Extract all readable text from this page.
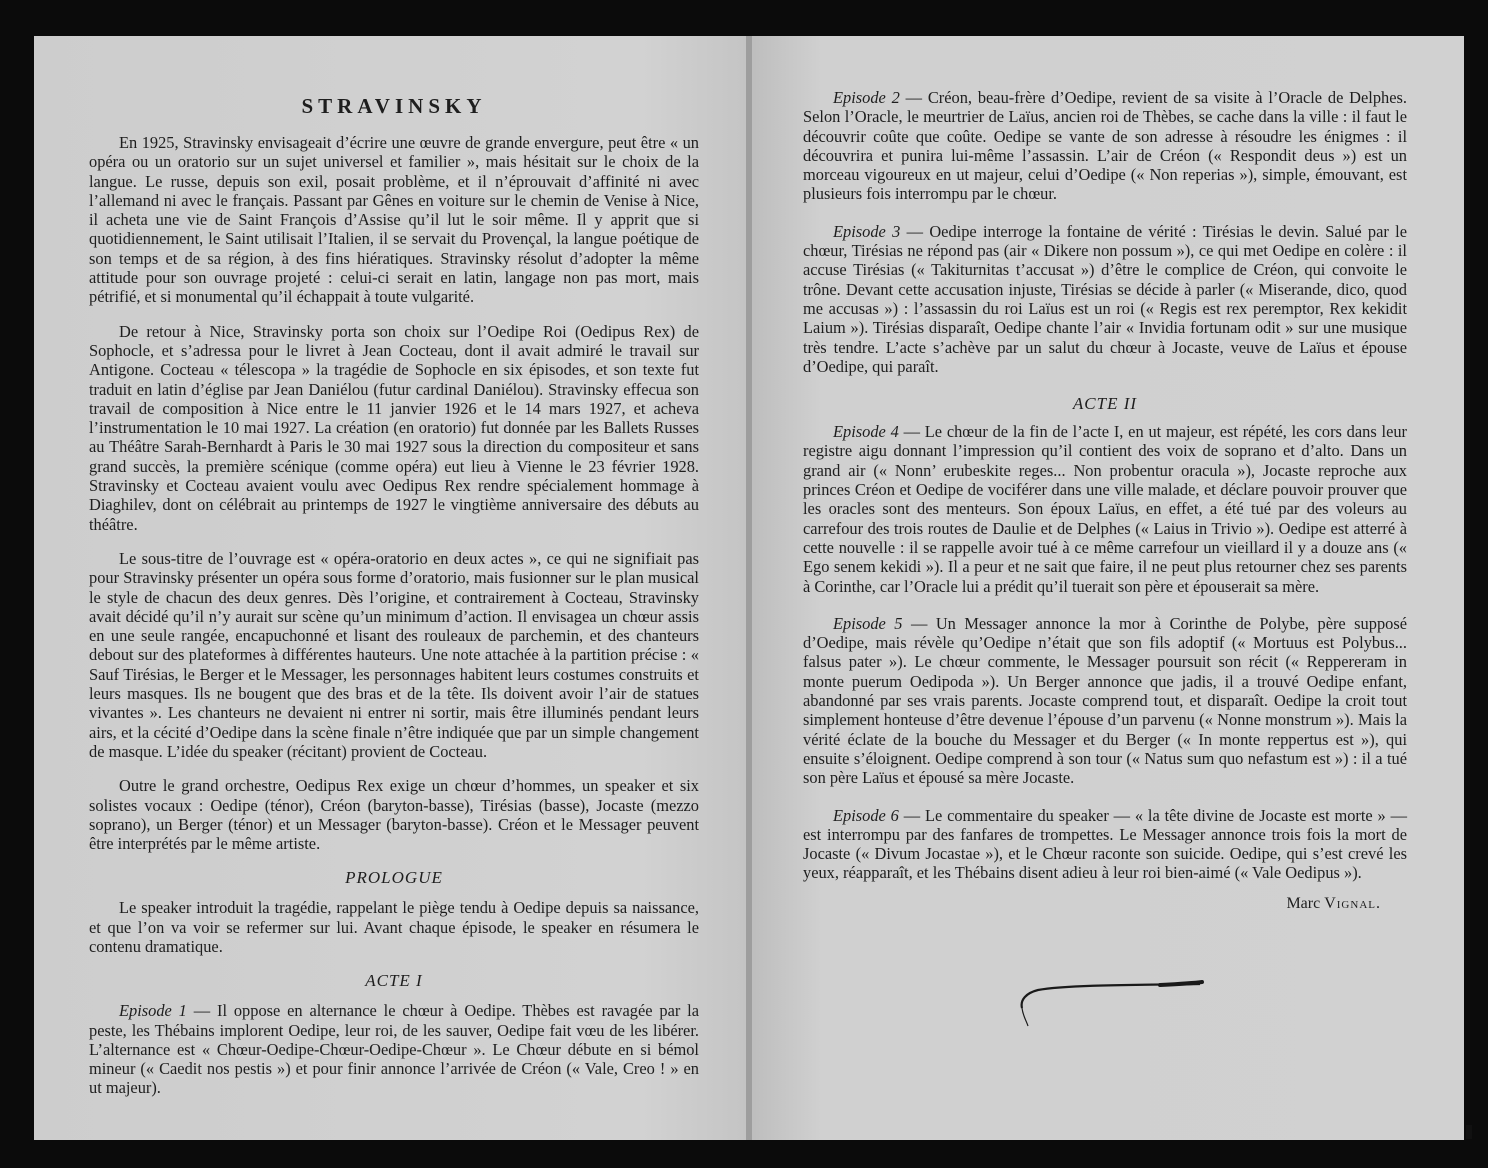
STRAVINSKY

En 1925, Stravinsky envisageait d’écrire une œuvre de grande envergure, peut être « un opéra ou un oratorio sur un sujet universel et familier », mais hésitait sur le choix de la langue. Le russe, depuis son exil, posait problème, et il n’éprouvait d’affinité ni avec l’allemand ni avec le français. Passant par Gênes en voiture sur le chemin de Venise à Nice, il acheta une vie de Saint François d’Assise qu’il lut le soir même. Il y apprit que si quotidiennement, le Saint utilisait l’Italien, il se servait du Provençal, la langue poétique de son temps et de sa région, à des fins hiératiques. Stravinsky résolut d’adopter la même attitude pour son ouvrage projeté : celui-ci serait en latin, langage non pas mort, mais pétrifié, et si monumental qu’il échappait à toute vulgarité.

De retour à Nice, Stravinsky porta son choix sur l’Oedipe Roi (Oedipus Rex) de Sophocle, et s’adressa pour le livret à Jean Cocteau, dont il avait admiré le travail sur Antigone. Cocteau « télescopa » la tragédie de Sophocle en six épisodes, et son texte fut traduit en latin d’église par Jean Daniélou (futur cardinal Daniélou). Stravinsky effecua son travail de composition à Nice entre le 11 janvier 1926 et le 14 mars 1927, et acheva l’instrumentation le 10 mai 1927. La création (en oratorio) fut donnée par les Ballets Russes au Théâtre Sarah-Bernhardt à Paris le 30 mai 1927 sous la direction du compositeur et sans grand succès, la première scénique (comme opéra) eut lieu à Vienne le 23 février 1928. Stravinsky et Cocteau avaient voulu avec Oedipus Rex rendre spécialement hommage à Diaghilev, dont on célébrait au printemps de 1927 le vingtième anniversaire des débuts au théâtre.

Le sous-titre de l’ouvrage est « opéra-oratorio en deux actes », ce qui ne signifiait pas pour Stravinsky présenter un opéra sous forme d’oratorio, mais fusionner sur le plan musical le style de chacun des deux genres. Dès l’origine, et contrairement à Cocteau, Stravinsky avait décidé qu’il n’y aurait sur scène qu’un minimum d’action. Il envisagea un chœur assis en une seule rangée, encapuchonné et lisant des rouleaux de parchemin, et des chanteurs debout sur des plateformes à différentes hauteurs. Une note attachée à la partition précise : « Sauf Tirésias, le Berger et le Messager, les personnages habitent leurs costumes construits et leurs masques. Ils ne bougent que des bras et de la tête. Ils doivent avoir l’air de statues vivantes ». Les chanteurs ne devaient ni entrer ni sortir, mais être illuminés pendant leurs airs, et la cécité d’Oedipe dans la scène finale n’être indiquée que par un simple changement de masque. L’idée du speaker (récitant) provient de Cocteau.

Outre le grand orchestre, Oedipus Rex exige un chœur d’hommes, un speaker et six solistes vocaux : Oedipe (ténor), Créon (baryton-basse), Tirésias (basse), Jocaste (mezzo soprano), un Berger (ténor) et un Messager (baryton-basse). Créon et le Messager peuvent être interprétés par le même artiste.

PROLOGUE

Le speaker introduit la tragédie, rappelant le piège tendu à Oedipe depuis sa naissance, et que l’on va voir se refermer sur lui. Avant chaque épisode, le speaker en résumera le contenu dramatique.

ACTE I

Episode 1 — Il oppose en alternance le chœur à Oedipe. Thèbes est ravagée par la peste, les Thébains implorent Oedipe, leur roi, de les sauver, Oedipe fait vœu de les libérer. L’alternance est « Chœur-Oedipe-Chœur-Oedipe-Chœur ». Le Chœur débute en si bémol mineur (« Caedit nos pestis ») et pour finir annonce l’arrivée de Créon (« Vale, Creo ! » en ut majeur).

Episode 2 — Créon, beau-frère d’Oedipe, revient de sa visite à l’Oracle de Delphes. Selon l’Oracle, le meurtrier de Laïus, ancien roi de Thèbes, se cache dans la ville : il faut le découvrir coûte que coûte. Oedipe se vante de son adresse à résoudre les énigmes : il découvrira et punira lui-même l’assassin. L’air de Créon (« Respondit deus ») est un morceau vigoureux en ut majeur, celui d’Oedipe (« Non reperias »), simple, émouvant, est plusieurs fois interrompu par le chœur.

Episode 3 — Oedipe interroge la fontaine de vérité : Tirésias le devin. Salué par le chœur, Tirésias ne répond pas (air « Dikere non possum »), ce qui met Oedipe en colère : il accuse Tirésias (« Takiturnitas t’accusat ») d’être le complice de Créon, qui convoite le trône. Devant cette accusation injuste, Tirésias se décide à parler (« Miserande, dico, quod me accusas ») : l’assassin du roi Laïus est un roi (« Regis est rex peremptor, Rex kekidit Laium »). Tirésias disparaît, Oedipe chante l’air « Invidia fortunam odit » sur une musique très tendre. L’acte s’achève par un salut du chœur à Jocaste, veuve de Laïus et épouse d’Oedipe, qui paraît.

ACTE II

Episode 4 — Le chœur de la fin de l’acte I, en ut majeur, est répété, les cors dans leur registre aigu donnant l’impression qu’il contient des voix de soprano et d’alto. Dans un grand air (« Nonn’ erubeskite reges... Non probentur oracula »), Jocaste reproche aux princes Créon et Oedipe de vociférer dans une ville malade, et déclare pouvoir prouver que les oracles sont des menteurs. Son époux Laïus, en effet, a été tué par des voleurs au carrefour des trois routes de Daulie et de Delphes (« Laius in Trivio »). Oedipe est atterré à cette nouvelle : il se rappelle avoir tué à ce même carrefour un vieillard il y a douze ans (« Ego senem kekidi »). Il a peur et ne sait que faire, il ne peut plus retourner chez ses parents à Corinthe, car l’Oracle lui a prédit qu’il tuerait son père et épouserait sa mère.

Episode 5 — Un Messager annonce la mor à Corinthe de Polybe, père supposé d’Oedipe, mais révèle qu’Oedipe n’était que son fils adoptif (« Mortuus est Polybus... falsus pater »). Le chœur commente, le Messager poursuit son récit (« Reppereram in monte puerum Oedipoda »). Un Berger annonce que jadis, il a trouvé Oedipe enfant, abandonné par ses vrais parents. Jocaste comprend tout, et disparaît. Oedipe la croit tout simplement honteuse d’être devenue l’épouse d’un parvenu (« Nonne monstrum »). Mais la vérité éclate de la bouche du Messager et du Berger (« In monte reppertus est »), qui ensuite s’éloignent. Oedipe comprend à son tour (« Natus sum quo nefastum est ») : il a tué son père Laïus et épousé sa mère Jocaste.

Episode 6 — Le commentaire du speaker — « la tête divine de Jocaste est morte » — est interrompu par des fanfares de trompettes. Le Messager annonce trois fois la mort de Jocaste (« Divum Jocastae »), et le Chœur raconte son suicide. Oedipe, qui s’est crevé les yeux, réapparaît, et les Thébains disent adieu à leur roi bien-aimé (« Vale Oedipus »).

Marc Vignal.
